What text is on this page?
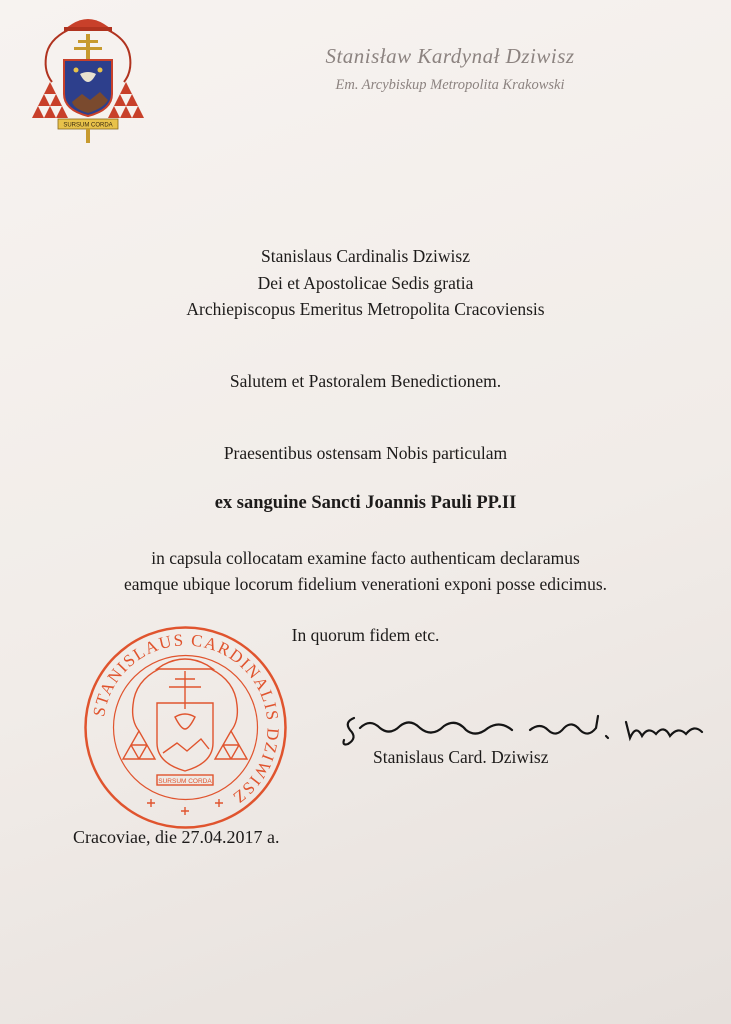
SURSUM CORDA
Stanisław Kardynał Dziwisz
Em. Arcybiskup Metropolita Krakowski
Stanislaus Cardinalis Dziwisz
Dei et Apostolicae Sedis gratia
Archiepiscopus Emeritus Metropolita Cracoviensis
Salutem et Pastoralem Benedictionem.
Praesentibus ostensam Nobis particulam
ex sanguine Sancti Joannis Pauli PP.II
in capsula collocatam examine facto authenticam declaramus
eamque ubique locorum fidelium venerationi exponi posse edicimus.
In quorum fidem etc.
STANISLAUS CARDINALIS DZIWISZ
SURSUM CORDA
Stanislaus Card. Dziwisz
Cracoviae, die 27.04.2017 a.
